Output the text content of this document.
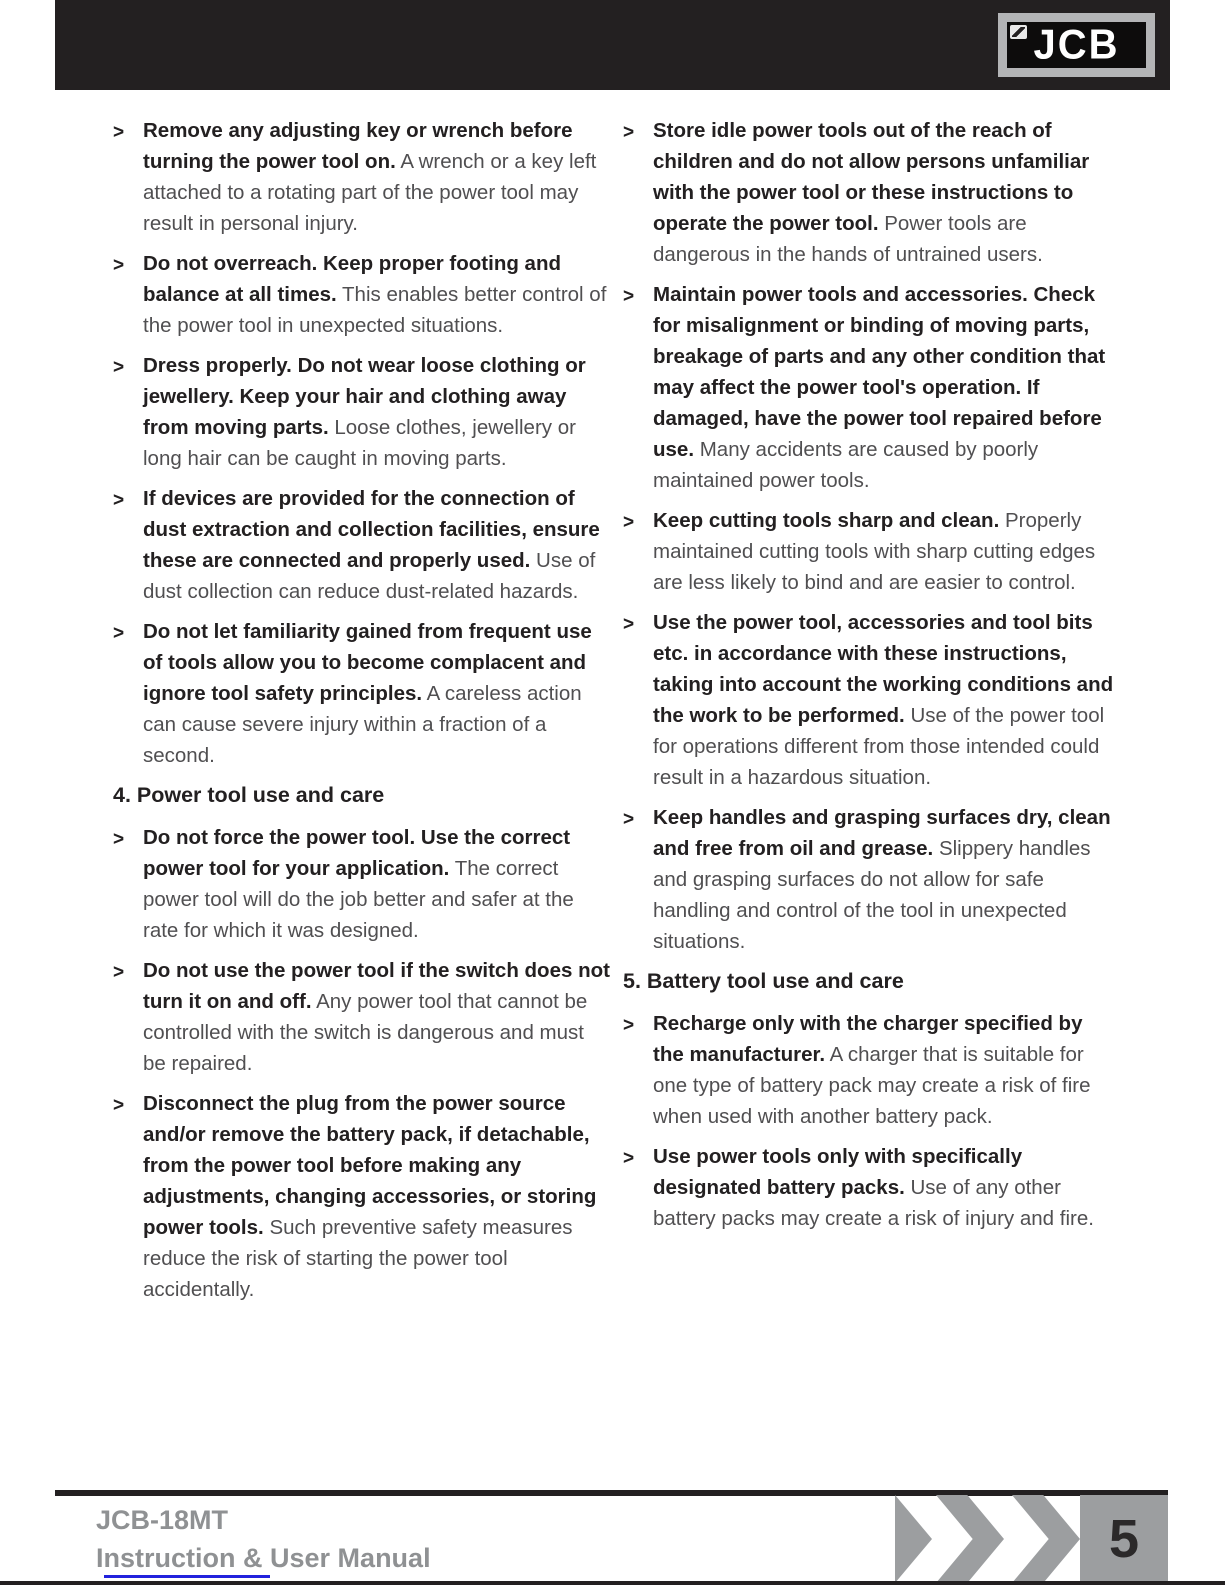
JCB
> Remove any adjusting key or wrench before turning the power tool on. A wrench or a key left attached to a rotating part of the power tool may result in personal injury.

> Do not overreach. Keep proper footing and balance at all times. This enables better control of the power tool in unexpected situations.

> Dress properly. Do not wear loose clothing or jewellery. Keep your hair and clothing away from moving parts. Loose clothes, jewellery or long hair can be caught in moving parts.

> If devices are provided for the connection of dust extraction and collection facilities, ensure these are connected and properly used. Use of dust collection can reduce dust-related hazards.

> Do not let familiarity gained from frequent use of tools allow you to become complacent and ignore tool safety principles. A careless action can cause severe injury within a fraction of a second.

4. Power tool use and care
> Do not force the power tool. Use the correct power tool for your application. The correct power tool will do the job better and safer at the rate for which it was designed.

> Do not use the power tool if the switch does not turn it on and off. Any power tool that cannot be controlled with the switch is dangerous and must be repaired.

> Disconnect the plug from the power source and/or remove the battery pack, if detachable, from the power tool before making any adjustments, changing accessories, or storing power tools. Such preventive safety measures reduce the risk of starting the power tool accidentally.

> Store idle power tools out of the reach of children and do not allow persons unfamiliar with the power tool or these instructions to operate the power tool. Power tools are dangerous in the hands of untrained users.

> Maintain power tools and accessories. Check for misalignment or binding of moving parts, breakage of parts and any other condition that may affect the power tool's operation. If damaged, have the power tool repaired before use. Many accidents are caused by poorly maintained power tools.

> Keep cutting tools sharp and clean. Properly maintained cutting tools with sharp cutting edges are less likely to bind and are easier to control.

> Use the power tool, accessories and tool bits etc. in accordance with these instructions, taking into account the working conditions and the work to be performed. Use of the power tool for operations different from those intended could result in a hazardous situation.

> Keep handles and grasping surfaces dry, clean and free from oil and grease. Slippery handles and grasping surfaces do not allow for safe handling and control of the tool in unexpected situations.

5. Battery tool use and care
> Recharge only with the charger specified by the manufacturer. A charger that is suitable for one type of battery pack may create a risk of fire when used with another battery pack.

> Use power tools only with specifically designated battery packs. Use of any other battery packs may create a risk of injury and fire.

JCB-18MT
Instruction & User Manual	5
